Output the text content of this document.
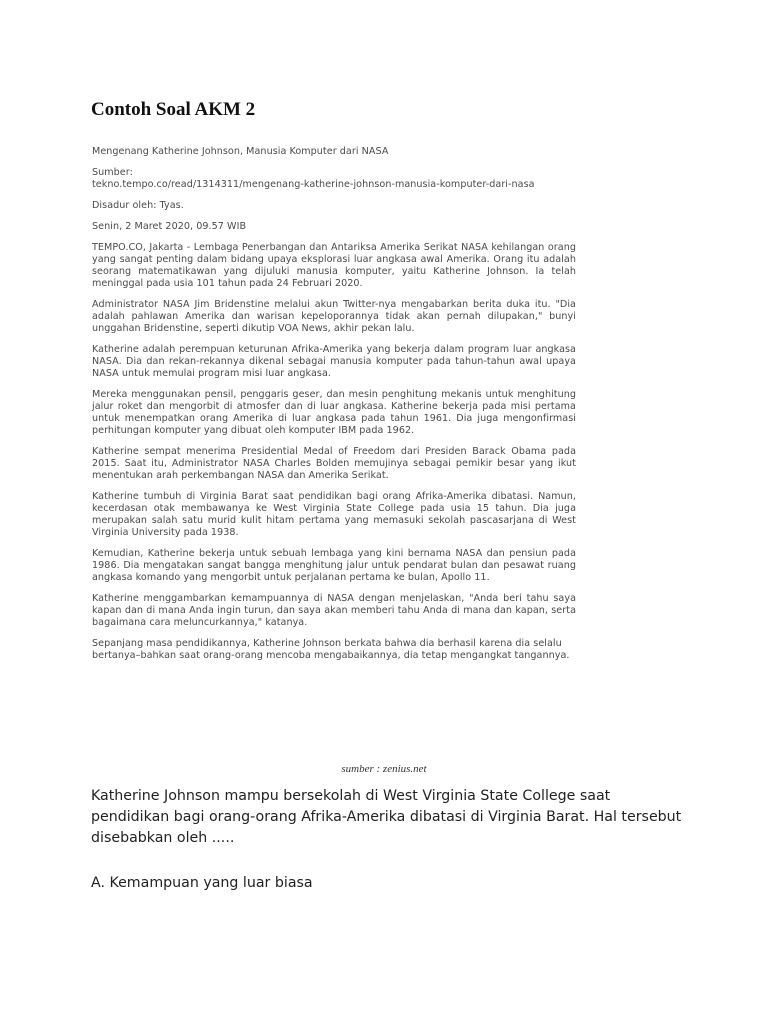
Contoh Soal AKM 2

Mengenang Katherine Johnson, Manusia Komputer dari NASA

Sumber:
tekno.tempo.co/read/1314311/mengenang-katherine-johnson-manusia-komputer-dari-nasa

Disadur oleh: Tyas.

Senin, 2 Maret 2020, 09.57 WIB

TEMPO.CO, Jakarta - Lembaga Penerbangan dan Antariksa Amerika Serikat NASA kehilangan orang yang sangat penting dalam bidang upaya eksplorasi luar angkasa awal Amerika. Orang itu adalah seorang matematikawan yang dijuluki manusia komputer, yaitu Katherine Johnson. Ia telah meninggal pada usia 101 tahun pada 24 Februari 2020.

Administrator NASA Jim Bridenstine melalui akun Twitter-nya mengabarkan berita duka itu. "Dia adalah pahlawan Amerika dan warisan kepeloporannya tidak akan pernah dilupakan," bunyi unggahan Bridenstine, seperti dikutip VOA News, akhir pekan lalu.

Katherine adalah perempuan keturunan Afrika-Amerika yang bekerja dalam program luar angkasa NASA. Dia dan rekan-rekannya dikenal sebagai manusia komputer pada tahun-tahun awal upaya NASA untuk memulai program misi luar angkasa.

Mereka menggunakan pensil, penggaris geser, dan mesin penghitung mekanis untuk menghitung jalur roket dan mengorbit di atmosfer dan di luar angkasa. Katherine bekerja pada misi pertama untuk menempatkan orang Amerika di luar angkasa pada tahun 1961. Dia juga mengonfirmasi perhitungan komputer yang dibuat oleh komputer IBM pada 1962.

Katherine sempat menerima Presidential Medal of Freedom dari Presiden Barack Obama pada 2015. Saat itu, Administrator NASA Charles Bolden memujinya sebagai pemikir besar yang ikut menentukan arah perkembangan NASA dan Amerika Serikat.

Katherine tumbuh di Virginia Barat saat pendidikan bagi orang Afrika-Amerika dibatasi. Namun, kecerdasan otak membawanya ke West Virginia State College pada usia 15 tahun. Dia juga merupakan salah satu murid kulit hitam pertama yang memasuki sekolah pascasarjana di West Virginia University pada 1938.

Kemudian, Katherine bekerja untuk sebuah lembaga yang kini bernama NASA dan pensiun pada 1986. Dia mengatakan sangat bangga menghitung jalur untuk pendarat bulan dan pesawat ruang angkasa komando yang mengorbit untuk perjalanan pertama ke bulan, Apollo 11.

Katherine menggambarkan kemampuannya di NASA dengan menjelaskan, "Anda beri tahu saya kapan dan di mana Anda ingin turun, dan saya akan memberi tahu Anda di mana dan kapan, serta bagaimana cara meluncurkannya," katanya.

Sepanjang masa pendidikannya, Katherine Johnson berkata bahwa dia berhasil karena dia selalu bertanya–bahkan saat orang-orang mencoba mengabaikannya, dia tetap mengangkat tangannya.

sumber : zenius.net

Katherine Johnson mampu bersekolah di West Virginia State College saat pendidikan bagi orang-orang Afrika-Amerika dibatasi di Virginia Barat. Hal tersebut disebabkan oleh .....

A. Kemampuan yang luar biasa
